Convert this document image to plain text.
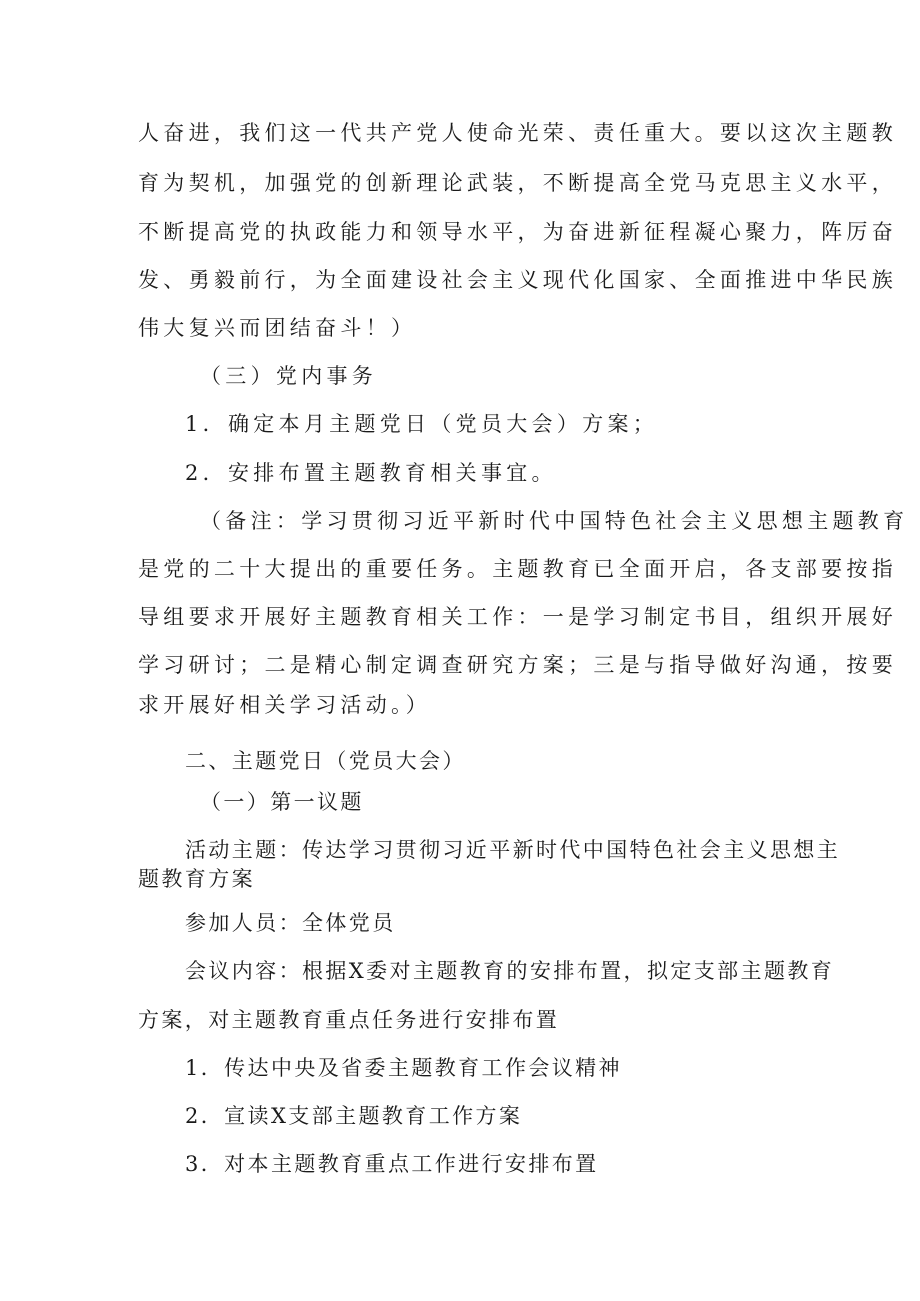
人奋进，我们这一代共产党人使命光荣、责任重大。要以这次主题教
育为契机，加强党的创新理论武装，不断提高全党马克思主义水平，
不断提高党的执政能力和领导水平，为奋进新征程凝心聚力，阵厉奋
发、勇毅前行，为全面建设社会主义现代化国家、全面推进中华民族
伟大复兴而团结奋斗！）
（三）党内事务
1．确定本月主题党日（党员大会）方案；
2．安排布置主题教育相关事宜。
（备注：学习贯彻习近平新时代中国特色社会主义思想主题教育
是党的二十大提出的重要任务。主题教育已全面开启，各支部要按指
导组要求开展好主题教育相关工作：一是学习制定书目，组织开展好
学习研讨；二是精心制定调查研究方案；三是与指导做好沟通，按要
求开展好相关学习活动。）
二、主题党日（党员大会）
（一）第一议题
活动主题：传达学习贯彻习近平新时代中国特色社会主义思想主
题教育方案
参加人员：全体党员
会议内容：根据X委对主题教育的安排布置，拟定支部主题教育
方案，对主题教育重点任务进行安排布置
1．传达中央及省委主题教育工作会议精神
2．宣读X支部主题教育工作方案
3．对本主题教育重点工作进行安排布置
